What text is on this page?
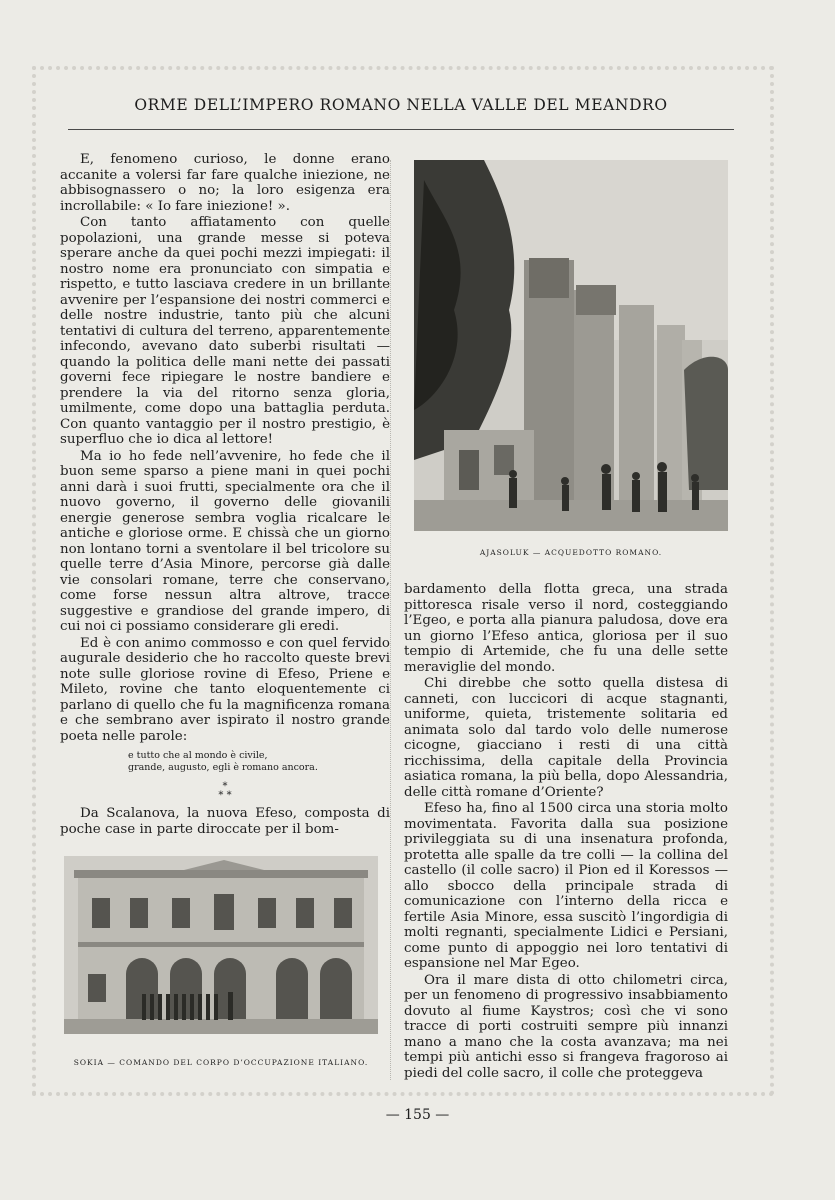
ORME DELL’IMPERO ROMANO NELLA VALLE DEL MEANDRO

E, fenomeno curioso, le donne erano accanite a volersi far fare qualche iniezione, ne abbisognassero o no; la loro esigenza era incrollabile: « Io fare iniezione! ».

Con tanto affiatamento con quelle popolazioni, una grande messe si poteva sperare anche da quei pochi mezzi impiegati: il nostro nome era pronunciato con simpatia e rispetto, e tutto lasciava credere in un brillante avvenire per l’espansione dei nostri commerci e delle nostre industrie, tanto più che alcuni tentativi di cultura del terreno, apparentemente infecondo, avevano dato suberbi risultati — quando la politica delle mani nette dei passati governi fece ripiegare le nostre bandiere e prendere la via del ritorno senza gloria, umilmente, come dopo una battaglia perduta. Con quanto vantaggio per il nostro prestigio, è superfluo che io dica al lettore!

Ma io ho fede nell’avvenire, ho fede che il buon seme sparso a piene mani in quei pochi anni darà i suoi frutti, specialmente ora che il nuovo governo, il governo delle giovanili energie generose sembra voglia ricalcare le antiche e gloriose orme. E chissà che un giorno non lontano torni a sventolare il bel tricolore su quelle terre d’Asia Minore, percorse già dalle vie consolari romane, terre che conservano, come forse nessun altra altrove, tracce suggestive e grandiose del grande impero, di cui noi ci possiamo considerare gli eredi.

Ed è con animo commosso e con quel fervido augurale desiderio che ho raccolto queste brevi note sulle gloriose rovine di Efeso, Priene e Mileto, rovine che tanto eloquentemente ci parlano di quello che fu la magnificenza romana e che sembrano aver ispirato il nostro grande poeta nelle parole:

e tutto che al mondo è civile,
grande, augusto, egli è romano ancora.
*
* *

Da Scalanova, la nuova Efeso, composta di poche case in parte diroccate per il bom-

AJASOLUK — ACQUEDOTTO ROMANO.

bardamento della flotta greca, una strada pittoresca risale verso il nord, costeggiando l’Egeo, e porta alla pianura paludosa, dove era un giorno l’Efeso antica, gloriosa per il suo tempio di Artemide, che fu una delle sette meraviglie del mondo.

Chi direbbe che sotto quella distesa di canneti, con luccicori di acque stagnanti, uniforme, quieta, tristemente solitaria ed animata solo dal tardo volo delle numerose cicogne, giacciano i resti di una città ricchissima, della capitale della Provincia asiatica romana, la più bella, dopo Alessandria, delle città romane d’Oriente?

Efeso ha, fino al 1500 circa una storia molto movimentata. Favorita dalla sua posizione privileggiata su di una insenatura profonda, protetta alle spalle da tre colli — la collina del castello (il colle sacro) il Pion ed il Koressos — allo sbocco della principale strada di comunicazione con l’interno della ricca e fertile Asia Minore, essa suscitò l’ingordigia di molti regnanti, specialmente Lidici e Persiani, come punto di appoggio nei loro tentativi di espansione nel Mar Egeo.

Ora il mare dista di otto chilometri circa, per un fenomeno di progressivo insabbiamento dovuto al fiume Kaystros; così che vi sono tracce di porti costruiti sempre più innanzi mano a mano che la costa avanzava; ma nei tempi più antichi esso si frangeva fragoroso ai piedi del colle sacro, il colle che proteggeva

SOKIA — COMANDO DEL CORPO D’OCCUPAZIONE ITALIANO.
— 155 —
